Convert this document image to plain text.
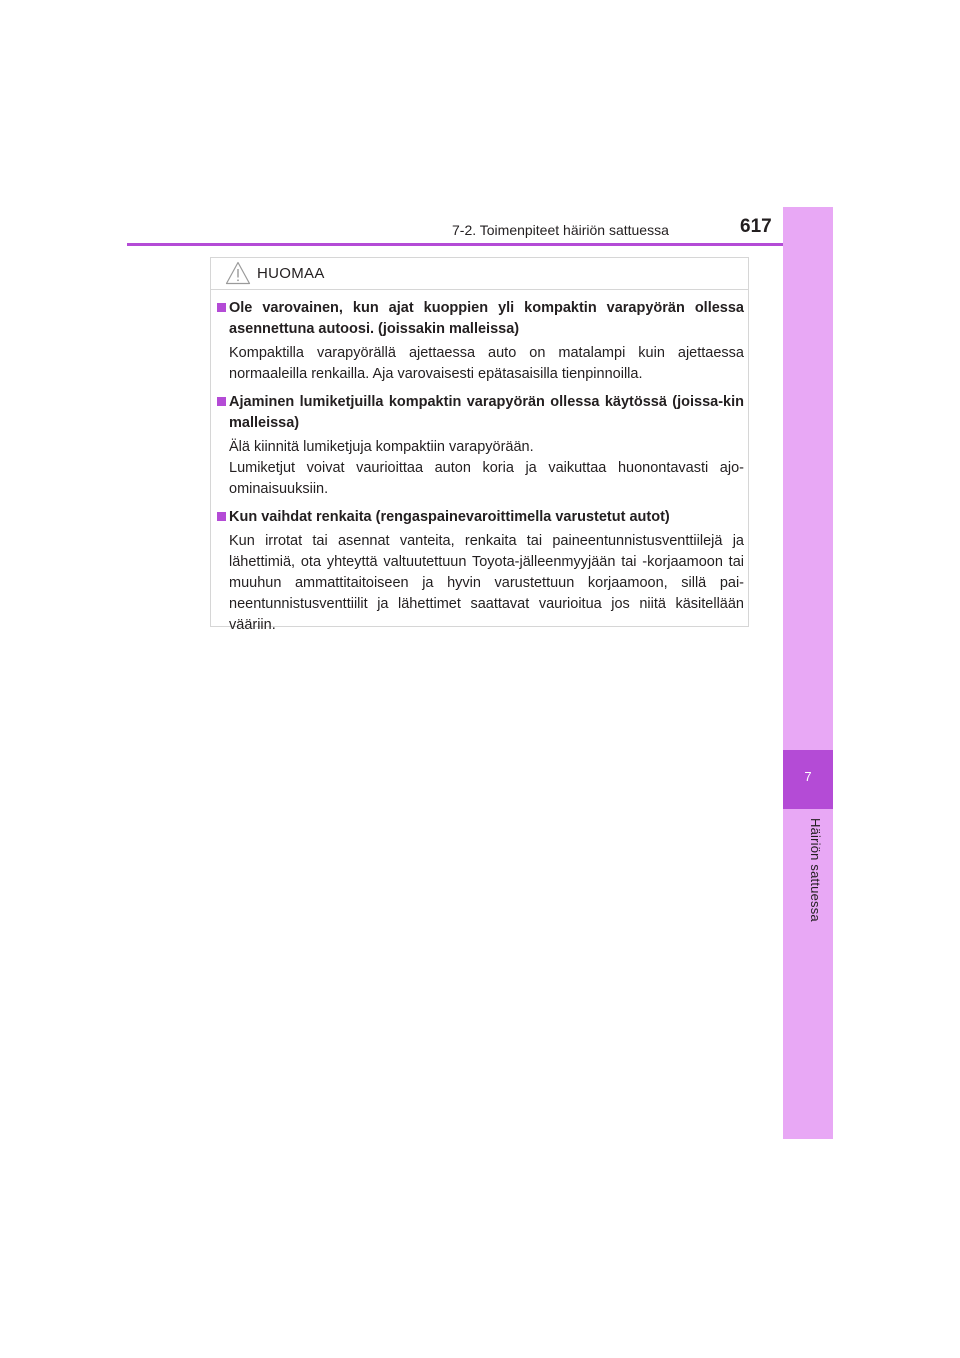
7-2. Toimenpiteet häiriön sattuessa	617
7
Häiriön sattuessa
HUOMAA
Ole varovainen, kun ajat kuoppien yli kompaktin varapyörän ollessa asennettuna autoosi. (joissakin malleissa)

Kompaktilla varapyörällä ajettaessa auto on matalampi kuin ajettaessa normaaleilla renkailla. Aja varovaisesti epätasaisilla tienpinnoilla.

Ajaminen lumiketjuilla kompaktin varapyörän ollessa käytössä (joissa-kin malleissa)

Älä kiinnitä lumiketjuja kompaktiin varapyörään.

Lumiketjut voivat vaurioittaa auton koria ja vaikuttaa huonontavasti ajo-ominaisuuksiin.

Kun vaihdat renkaita (rengaspainevaroittimella varustetut autot)

Kun irrotat tai asennat vanteita, renkaita tai paineentunnistusventtiilejä ja lähettimiä, ota yhteyttä valtuutettuun Toyota-jälleenmyyjään tai -korjaamoon tai muuhun ammattitaitoiseen ja hyvin varustettuun korjaamoon, sillä pai-neentunnistusventtiilit ja lähettimet saattavat vaurioitua jos niitä käsitellään vääriin.
